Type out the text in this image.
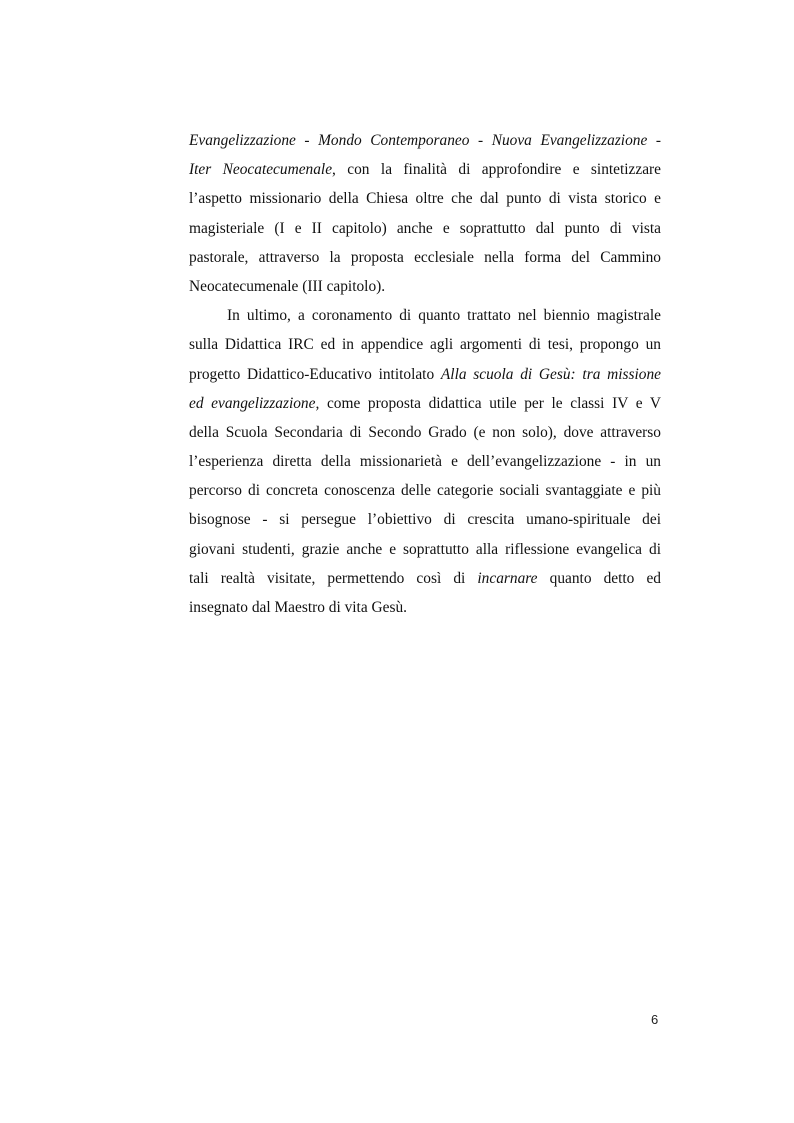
Evangelizzazione - Mondo Contemporaneo - Nuova Evangelizzazione -
Iter Neocatecumenale, con la finalità di approfondire e sintetizzare
l’aspetto missionario della Chiesa oltre che dal punto di vista storico e
magisteriale (I e II capitolo) anche e soprattutto dal punto di vista
pastorale, attraverso la proposta ecclesiale nella forma del Cammino
Neocatecumenale (III capitolo).
In ultimo, a coronamento di quanto trattato nel biennio magistrale
sulla Didattica IRC ed in appendice agli argomenti di tesi, propongo un
progetto Didattico-Educativo intitolato Alla scuola di Gesù: tra missione
ed evangelizzazione, come proposta didattica utile per le classi IV e V
della Scuola Secondaria di Secondo Grado (e non solo), dove attraverso
l’esperienza diretta della missionarietà e dell’evangelizzazione - in un
percorso di concreta conoscenza delle categorie sociali svantaggiate e più
bisognose - si persegue l’obiettivo di crescita umano-spirituale dei
giovani studenti, grazie anche e soprattutto alla riflessione evangelica di
tali realtà visitate, permettendo così di incarnare quanto detto ed
insegnato dal Maestro di vita Gesù.
6
